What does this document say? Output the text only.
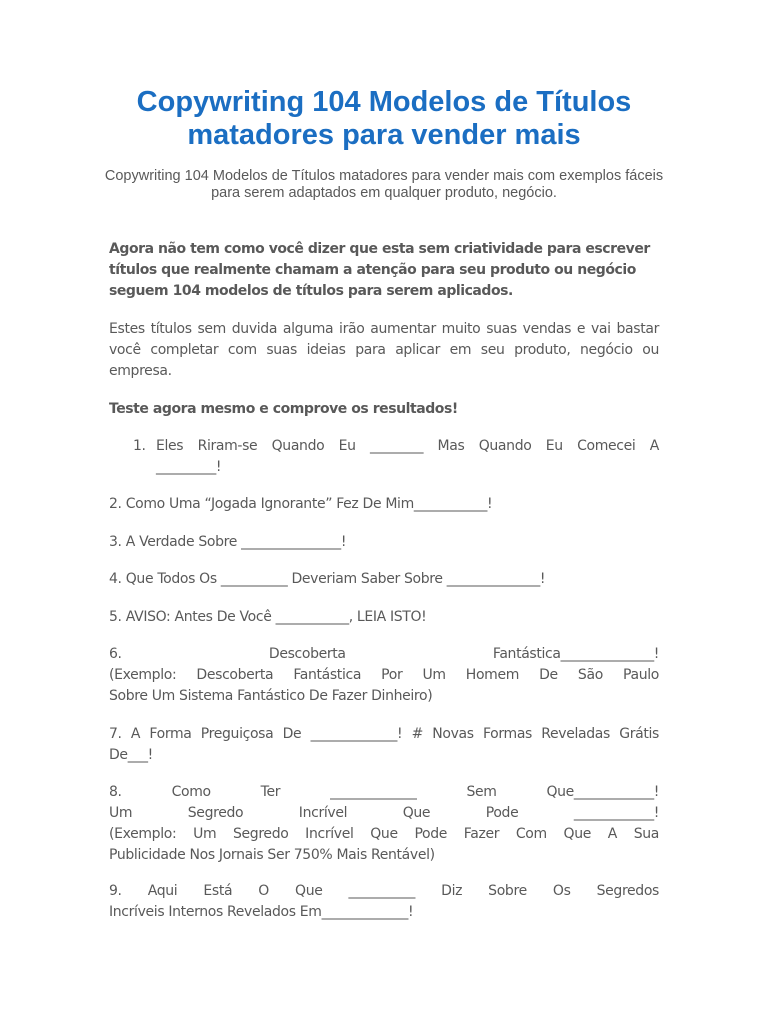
Copywriting 104 Modelos de Títulos matadores para vender mais

Copywriting 104 Modelos de Títulos matadores para vender mais com exemplos fáceis para serem adaptados em qualquer produto, negócio.

Agora não tem como você dizer que esta sem criatividade para escrever títulos que realmente chamam a atenção para seu produto ou negócio seguem 104 modelos de títulos para serem aplicados.

Estes títulos sem duvida alguma irão aumentar muito suas vendas e vai bastar você completar com suas ideias para aplicar em seu produto, negócio ou empresa.

Teste agora mesmo e comprove os resultados!

1. Eles Riram-se Quando Eu ________ Mas Quando Eu Comecei A
_________!

2. Como Uma “Jogada Ignorante” Fez De Mim___________!

3. A Verdade Sobre _______________!

4. Que Todos Os __________ Deveriam Saber Sobre ______________!

5. AVISO: Antes De Você ___________, LEIA ISTO!

6. Descoberta Fantástica______________!
(Exemplo: Descoberta Fantástica Por Um Homem De São Paulo
Sobre Um Sistema Fantástico De Fazer Dinheiro)
7. A Forma Preguiçosa De _____________! # Novas Formas Reveladas Grátis
De___!
8. Como Ter _____________ Sem Que____________!
Um Segredo Incrível Que Pode ____________!
(Exemplo: Um Segredo Incrível Que Pode Fazer Com Que A Sua
Publicidade Nos Jornais Ser 750% Mais Rentável)
9. Aqui Está O Que __________ Diz Sobre Os Segredos
Incríveis Internos Revelados Em_____________!
